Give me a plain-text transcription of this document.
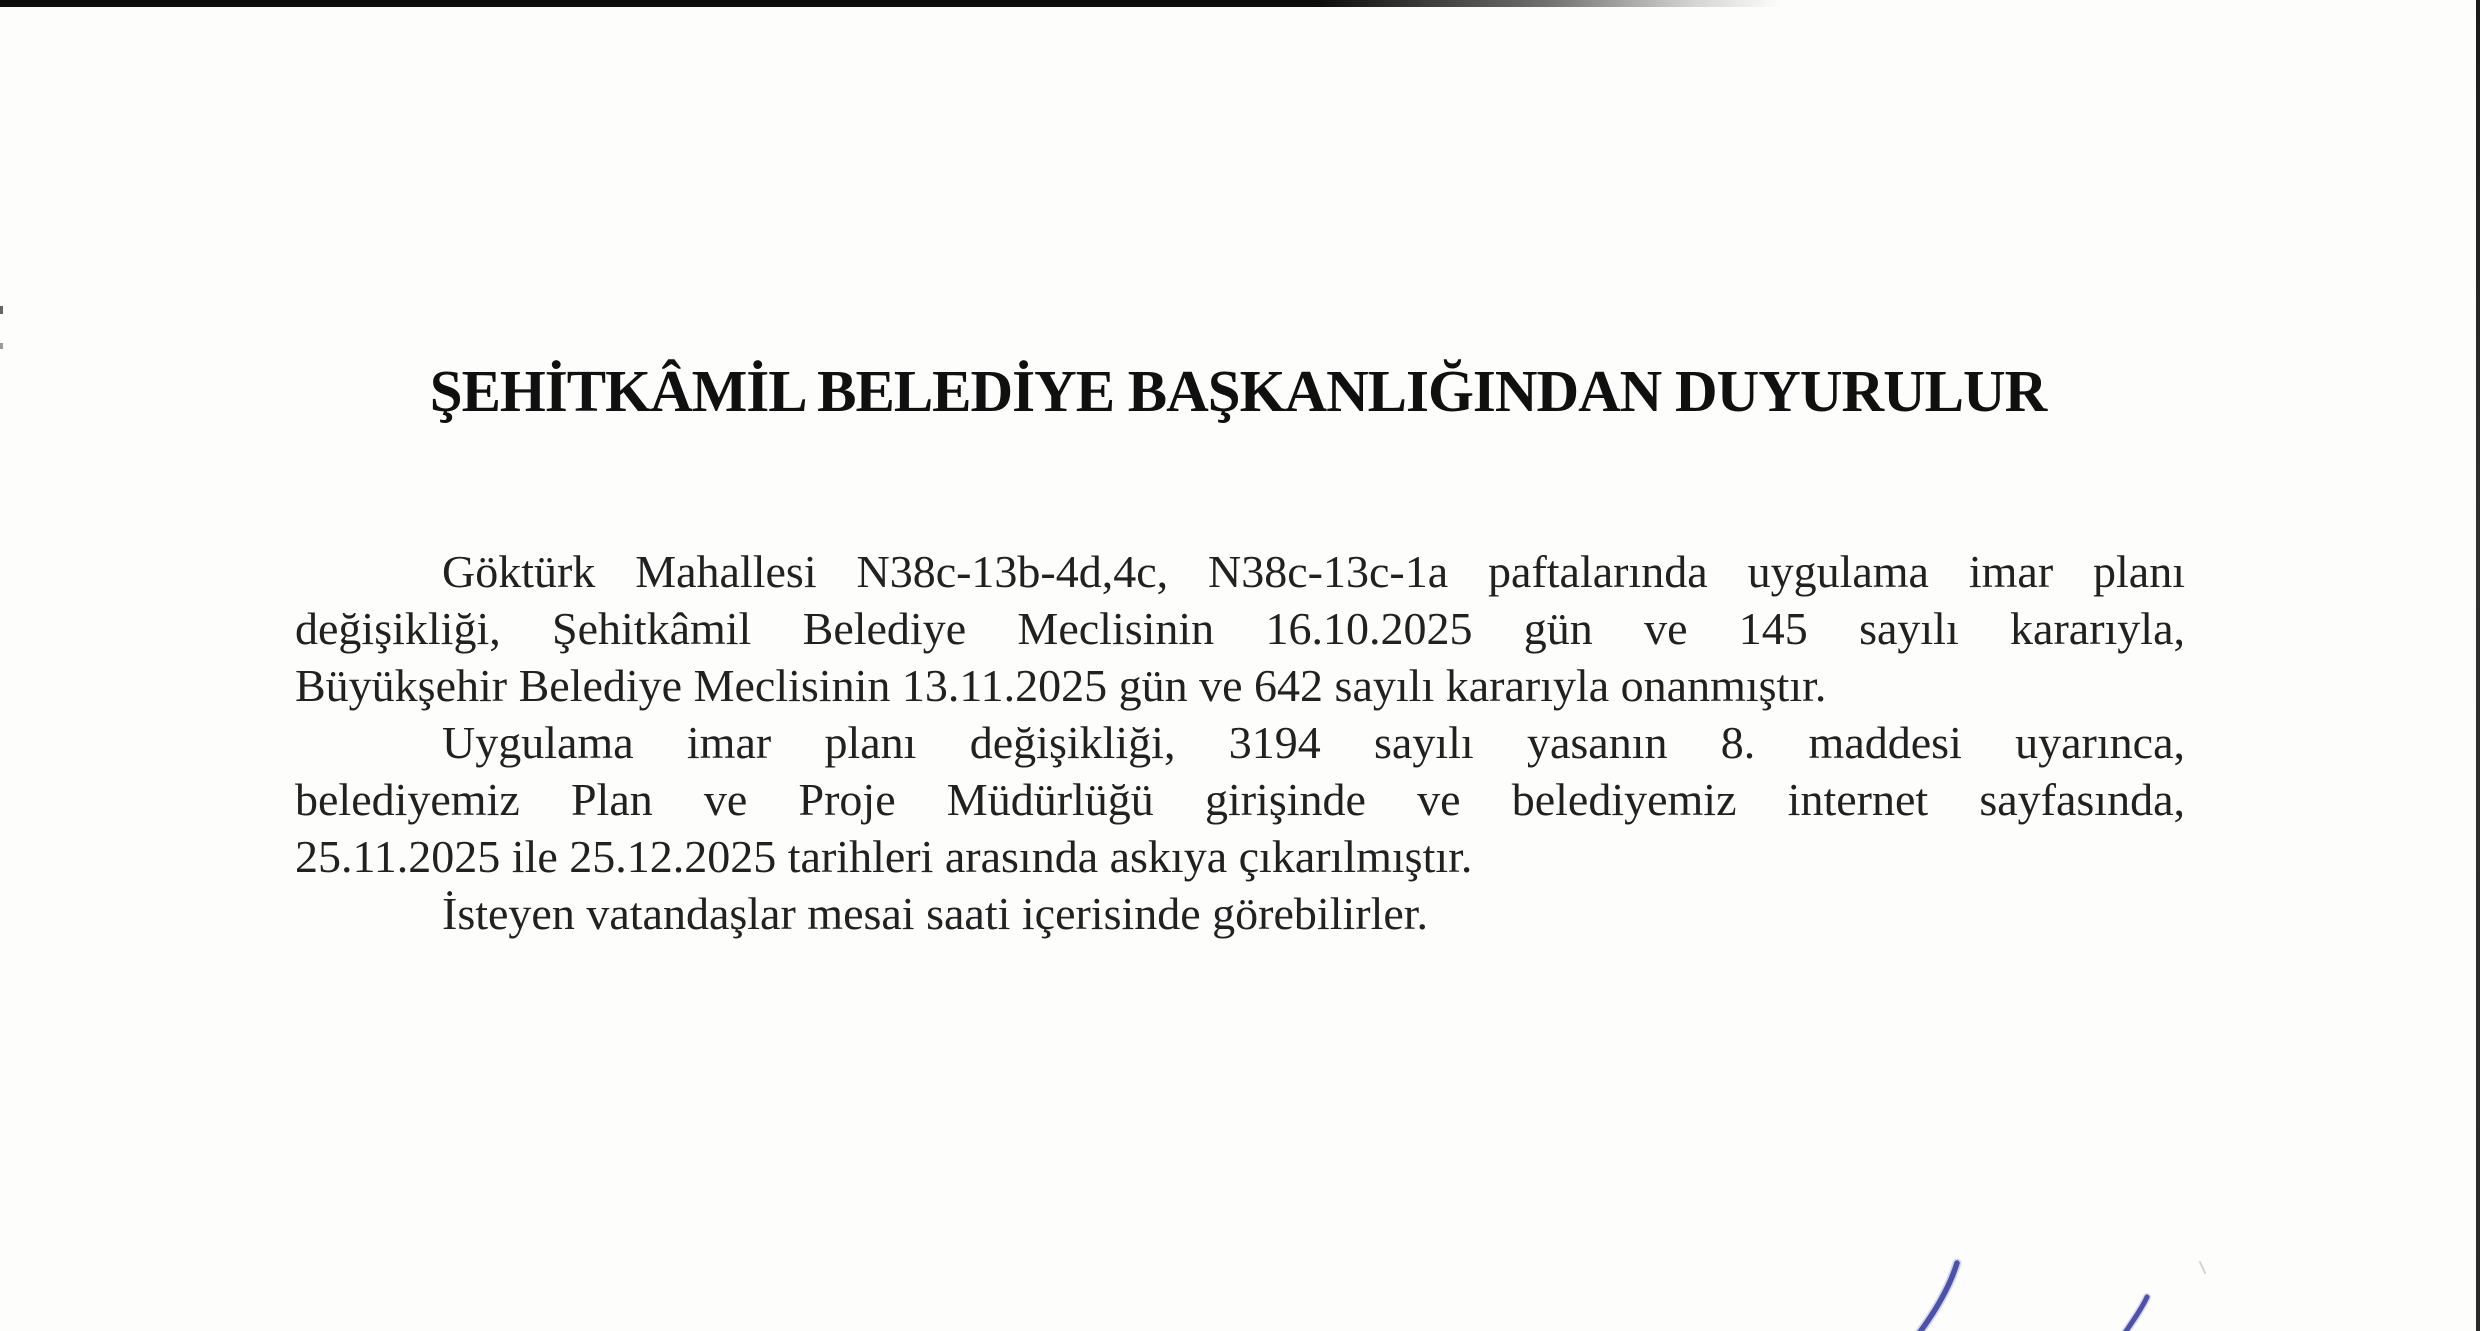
ŞEHİTKÂMİL BELEDİYE BAŞKANLIĞINDAN DUYURULUR
Göktürk Mahallesi N38c-13b-4d,4c, N38c-13c-1a paftalarında uygulama imar planı
değişikliği, Şehitkâmil Belediye Meclisinin 16.10.2025 gün ve 145 sayılı kararıyla,
Büyükşehir Belediye Meclisinin 13.11.2025 gün ve 642 sayılı kararıyla onanmıştır.
Uygulama imar planı değişikliği, 3194 sayılı yasanın 8. maddesi uyarınca,
belediyemiz Plan ve Proje Müdürlüğü girişinde ve belediyemiz internet sayfasında,
25.11.2025 ile 25.12.2025 tarihleri arasında askıya çıkarılmıştır.
İsteyen vatandaşlar mesai saati içerisinde görebilirler.
